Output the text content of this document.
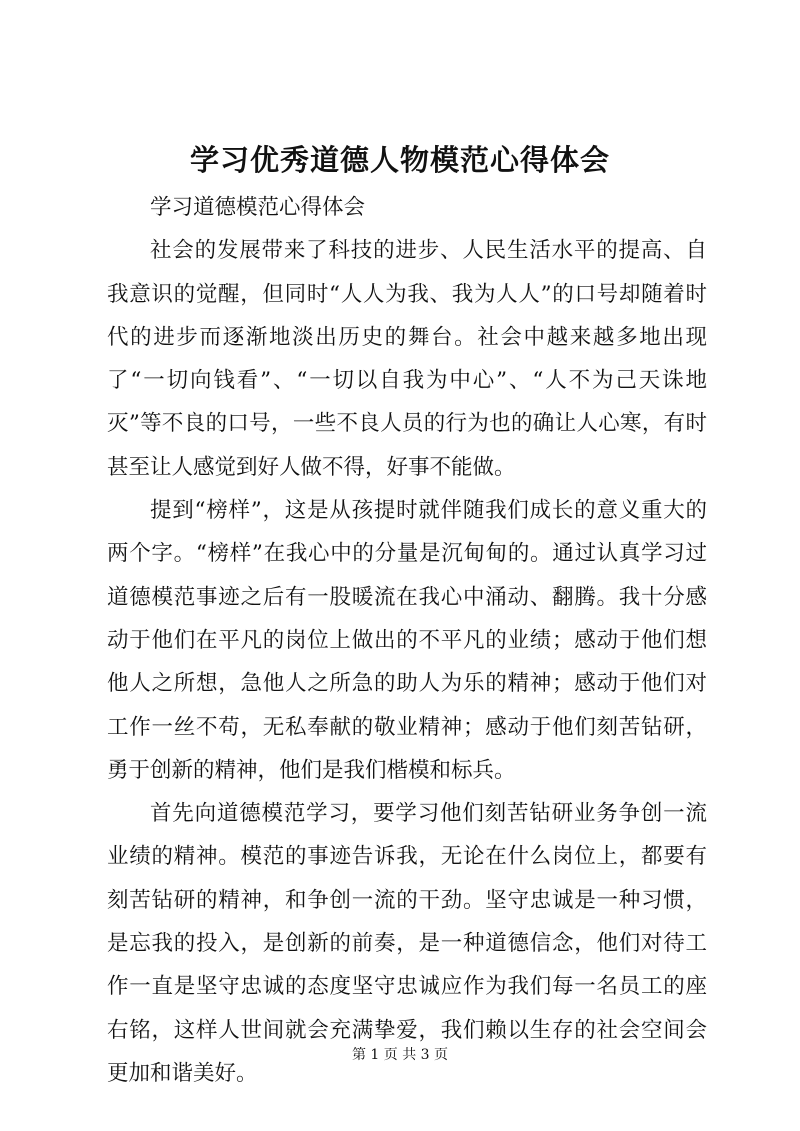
学习优秀道德人物模范心得体会

学习道德模范心得体会

社会的发展带来了科技的进步、人民生活水平的提高、自我意识的觉醒，但同时“人人为我、我为人人”的口号却随着时代的进步而逐渐地淡出历史的舞台。社会中越来越多地出现了“一切向钱看”、“一切以自我为中心”、“人不为己天诛地灭”等不良的口号，一些不良人员的行为也的确让人心寒，有时甚至让人感觉到好人做不得，好事不能做。

提到“榜样”，这是从孩提时就伴随我们成长的意义重大的两个字。“榜样”在我心中的分量是沉甸甸的。通过认真学习过道德模范事迹之后有一股暖流在我心中涌动、翻腾。我十分感动于他们在平凡的岗位上做出的不平凡的业绩；感动于他们想他人之所想，急他人之所急的助人为乐的精神；感动于他们对工作一丝不苟，无私奉献的敬业精神；感动于他们刻苦钻研，勇于创新的精神，他们是我们楷模和标兵。

首先向道德模范学习，要学习他们刻苦钻研业务争创一流业绩的精神。模范的事迹告诉我，无论在什么岗位上，都要有刻苦钻研的精神，和争创一流的干劲。坚守忠诚是一种习惯，是忘我的投入，是创新的前奏，是一种道德信念，他们对待工作一直是坚守忠诚的态度坚守忠诚应作为我们每一名员工的座右铭，这样人世间就会充满挚爱，我们赖以生存的社会空间会更加和谐美好。

第 1 页 共 3 页
